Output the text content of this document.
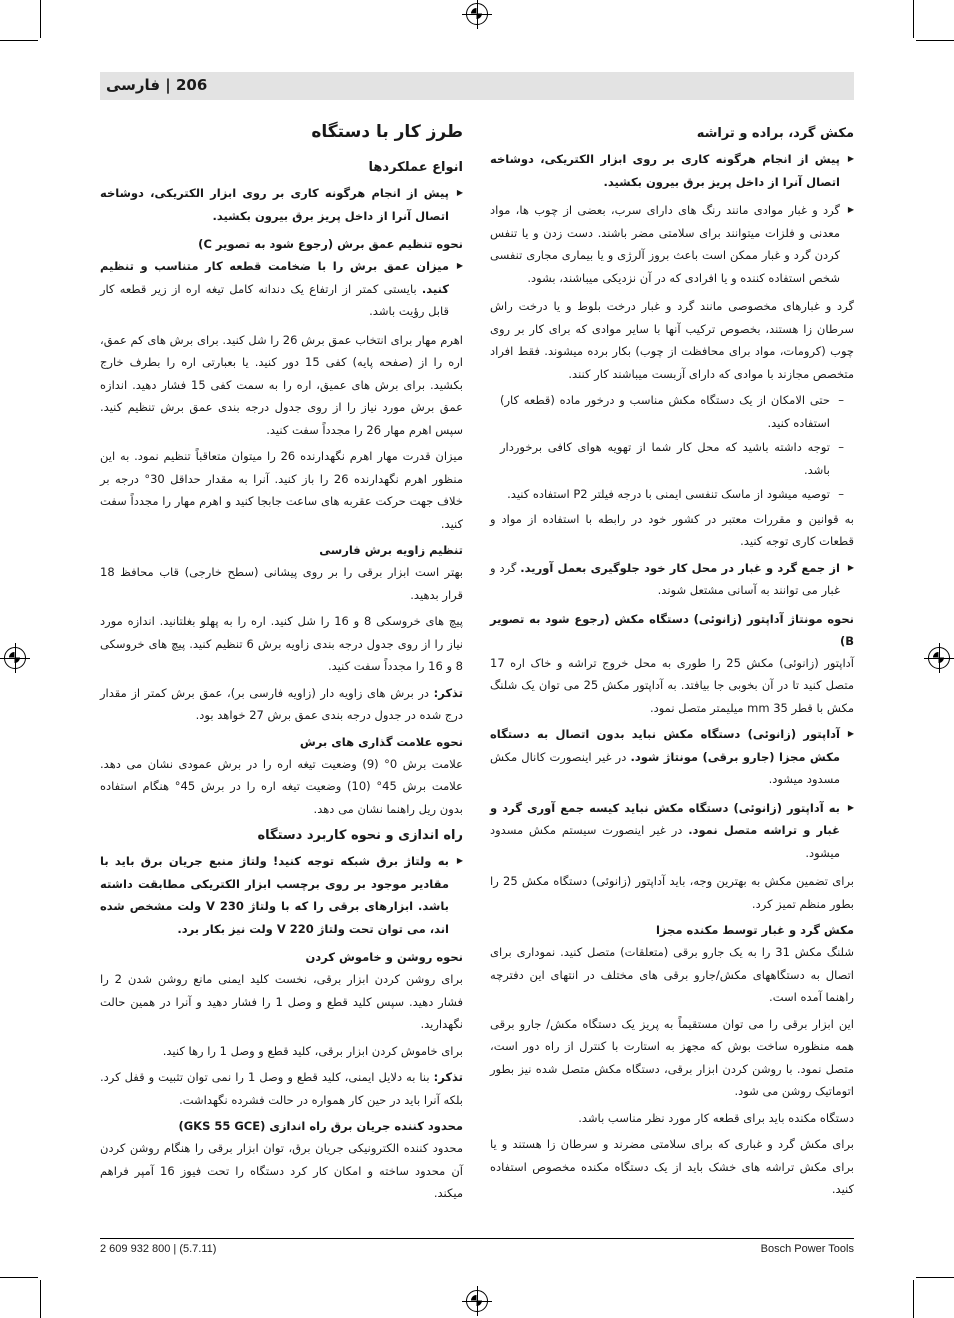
206 | فارسی
مکش گرد، براده و تراشه

▶ پیش از انجام هرگونه کاری بر روی ابزار الکتریکی، دوشاخه اتصال آنرا از داخل پریز برق بیرون بکشید.

▶ گرد و غبار موادی مانند رنگ های دارای سرب، بعضی از چوب ها، مواد معدنی و فلزات میتوانند برای سلامتی مضر باشند. دست زدن و یا تنفس کردن گرد و غبار ممکن است باعث بروز آلرژی و یا بیماری مجاری تنفسی شخص استفاده کننده و یا افرادی که در آن نزدیکی میباشند، بشود.

گرد و غبارهای مخصوصی مانند گرد و غبار درخت بلوط و یا درخت راش سرطان زا هستند، بخصوص ترکیب آنها با سایر موادی که برای کار بر روی چوب (کرومات، مواد برای محافظت از چوب) بکار برده میشوند. فقط افراد متخصص مجازند با موادی که دارای آزبست میباشند کار کنند.

– حتی الامکان از یک دستگاه مکش مناسب و درخور ماده (قطعه کار) استفاده کنید.

– توجه داشته باشید که محل کار شما از تهویه هوای کافی برخوردار باشد.

– توصیه میشود از ماسک تنفسی ایمنی با درجه فیلتر P2 استفاده کنید.

به قوانین و مقررات معتبر در کشور خود در رابطه با استفاده از مواد و قطعات کاری توجه کنید.

▶ از جمع گرد و غبار در محل کار خود جلوگیری بعمل آورید. گرد و غبار می توانند به آسانی مشتعل شوند.

نحوه مونتاژ آداپتور (زانوئی) دستگاه مکش (رجوع شود به تصویر B)

آداپتور (زانوئی) مکش 25 را طوری به محل خروج تراشه و خاک اره 17 متصل کنید تا در آن بخوبی جا بیافتد. به آداپتور مکش 25 می توان یک شلنگ مکش با قطر 35 mm میلیمتر متصل نمود.

▶ آداپتور (زانوئی) دستگاه مکش نباید بدون اتصال به دستگاه مکش مجزا (جارو برقی) مونتاژ شود. در غیر اینصورت کانال مکش مسدود میشود.

▶ به آداپتور (زانوئی) دستگاه مکش نباید کیسه جمع آوری گرد و غبار و تراشه متصل نمود. در غیر اینصورت سیستم مکش مسدود میشود.

برای تضمین مکش به بهترین وجه، باید آداپتور (زانوئی) دستگاه مکش 25 را بطور منظم تمیز کرد.

مکش گرد و غبار توسط مکنده مجزا

شلنگ مکش 31 را به یک جارو برقی (متعلقات) متصل کنید. نموداری برای اتصال به دستگاههای مکش/جارو برقی های مختلف در انتهای این دفترچه راهنما آمده است.

این ابزار برقی را می توان مستقیماً به پریز یک دستگاه مکش/ جارو برقی همه منظوره ساخت بوش که مجهز به استارت با کنترل از راه دور است، متصل نمود. با روشن کردن ابزار برقی، دستگاه مکش متصل شده نیز بطور اتوماتیک روشن می شود.

دستگاه مکنده باید برای قطعه کار مورد نظر مناسب باشد.

برای مکش گرد و غباری که برای سلامتی مضرند و سرطان زا هستند و یا برای مکش تراشه های خشک باید از یک دستگاه مکنده مخصوص استفاده کنید.

طرز کار با دستگاه
انواع عملکردها

▶ پیش از انجام هرگونه کاری بر روی ابزار الکتریکی، دوشاخه اتصال آنرا از داخل پریز برق بیرون بکشید.

نحوه تنظیم عمق برش (رجوع شود به تصویر C)

▶ میزان عمق برش را با ضخامت قطعه کار متناسب و تنظیم کنید. بایستی کمتر از ارتفاع یک دندانه کامل تیغه اره از زیر قطعه کار قابل رؤیت باشد.

اهرم مهار برای انتخاب عمق برش 26 را شل کنید. برای برش های کم عمق، اره را از (صفحه پایه) کفی 15 دور کنید. یا بعبارتی اره را بطرف خارج بکشید. برای برش های عمیق، اره را به سمت کفی 15 فشار دهید. اندازه عمق برش مورد نیاز را از روی جدول درجه بندی عمق برش تنظیم کنید. سپس اهرم مهار 26 را مجدداً سفت کنید.

میزان قدرت مهار اهرم نگهدارنده 26 را میتوان متعاقباً تنظیم نمود. به این منظور اهرم نگهدارنده 26 را باز کنید. آنرا به مقدار حداقل 30° درجه بر خلاف جهت حرکت عقربه های ساعت جابجا کنید و اهرم مهار را مجدداً سفت کنید.

تنظیم زاویه برش فارسی

بهتر است ابزار برقی را بر روی پیشانی (سطح خارجی) قاب محافظ 18 قرار بدهید.

پیچ های خروسکی 8 و 16 را شل کنید. اره را به پهلو بغلتانید. اندازه مورد نیاز را از روی جدول درجه بندی زاویه برش 6 تنظیم کنید. پیچ های خروسکی 8 و 16 را مجدداً سفت کنید.

تذکر: در برش های زاویه دار (زاویه فارسی بر)، عمق برش کمتر از مقدار درج شده در جدول درجه بندی عمق برش 27 خواهد بود.

نحوه علامت گذاری های برش

علامت برش 0° (9) وضعیت تیغه اره را در برش عمودی نشان می دهد. علامت برش 45° (10) وضعیت تیغه اره را در برش 45° هنگام استفاده بدون ریل راهنما نشان می دهد.

راه اندازی و نحوه کاربرد دستگاه

▶ به ولتاژ برق شبکه توجه کنید! ولتاژ منبع جریان برق باید با مقادیر موجود بر روی برچسب ابزار الکتریکی مطابقت داشته باشد. ابزارهای برقی را که با ولتاژ 230 V ولت مشخص شده اند، می توان تحت ولتاژ 220 V ولت نیز بکار برد.

نحوه روشن و خاموش کردن

برای روشن کردن ابزار برقی، نخست کلید ایمنی مانع روشن شدن 2 را فشار دهید. سپس کلید قطع و وصل 1 را فشار دهید و آنرا در همین حالت نگهدارید.

برای خاموش کردن ابزار برقی، کلید قطع و وصل 1 را رها کنید.

تذکر: بنا به دلایل ایمنی، کلید قطع و وصل 1 را نمی توان تثبیت و قفل کرد. بلکه آنرا باید در حین کار همواره در حالت فشرده نگهداشت.

محدود کننده جریان برق راه اندازی (GKS 55 GCE)

محدود کننده الکترونیکی جریان برق، توان ابزار برقی را هنگام روشن کردن آن محدود ساخته و امکان کار کرد دستگاه را تحت فیوز 16 آمپر فراهم میکند.

2 609 932 800 | (5.7.11)	Bosch Power Tools
